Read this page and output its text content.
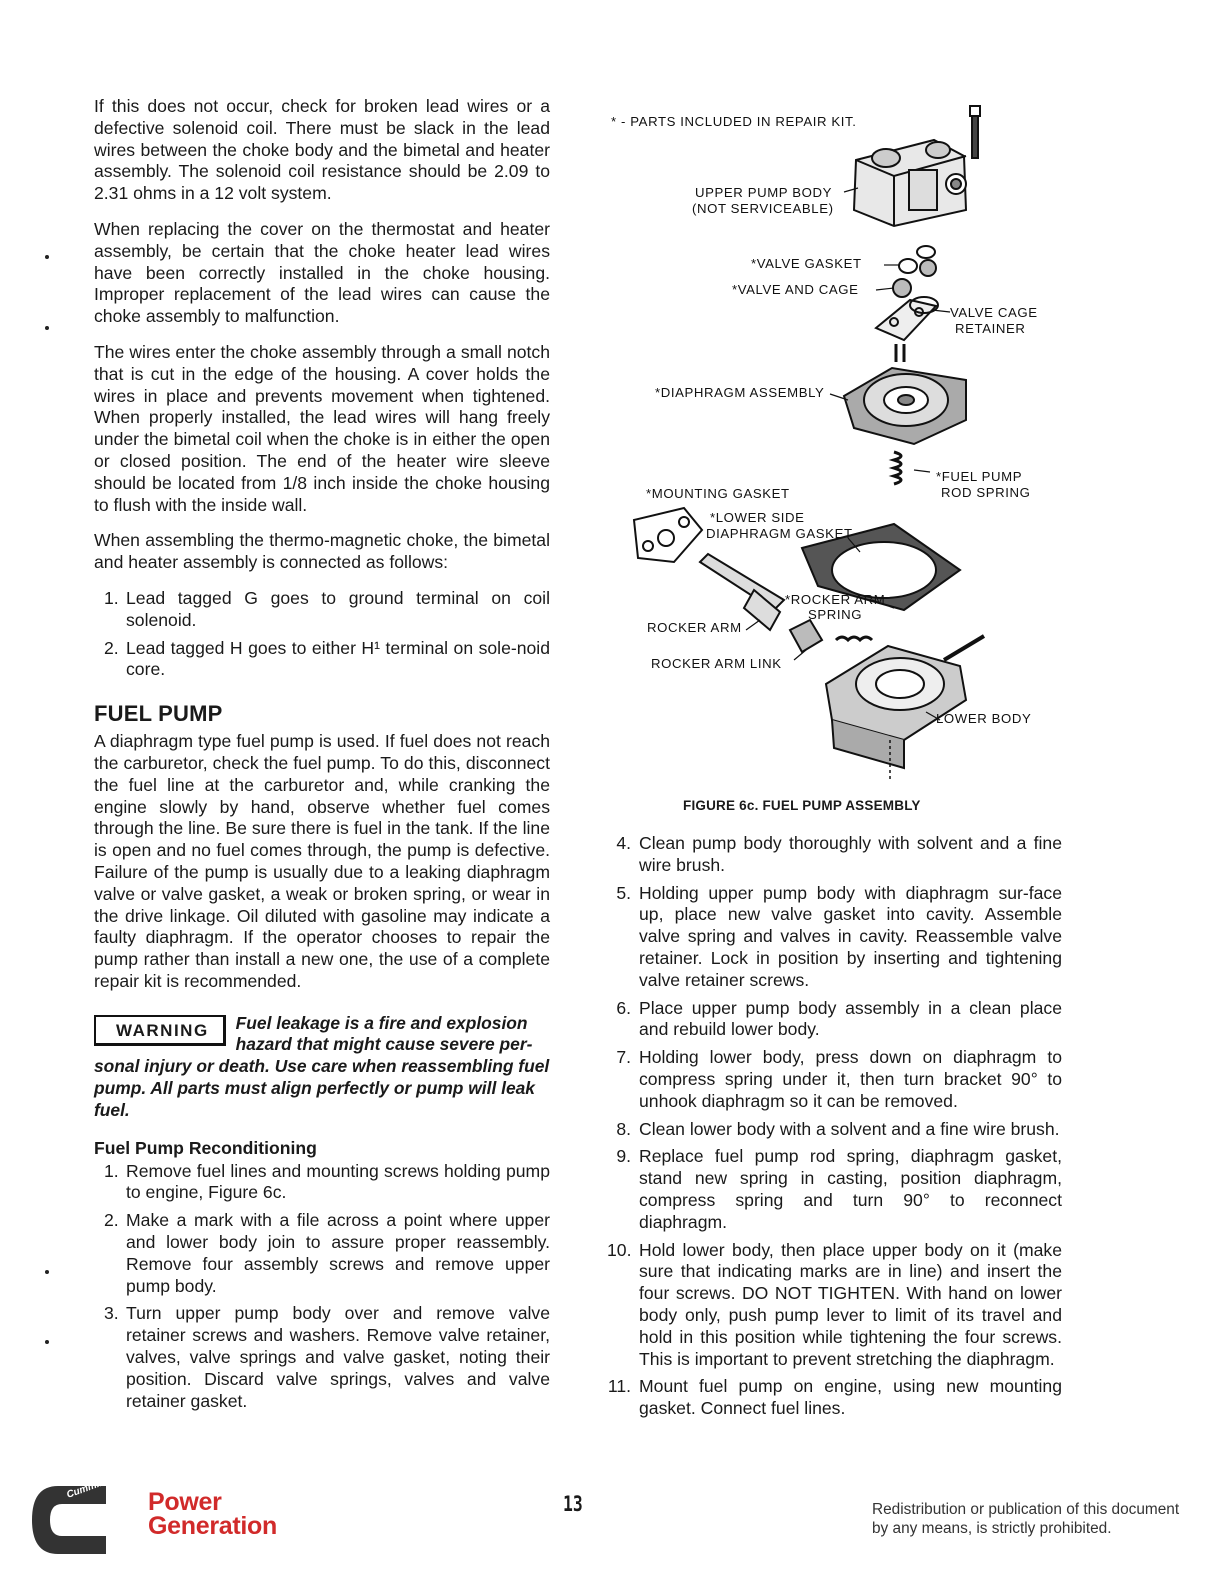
If this does not occur, check for broken lead wires or a defective solenoid coil. There must be slack in the lead wires between the choke body and the bimetal and heater assembly. The solenoid coil resistance should be 2.09 to 2.31 ohms in a 12 volt system.

When replacing the cover on the thermostat and heater assembly, be certain that the choke heater lead wires have been correctly installed in the choke housing. Improper replacement of the lead wires can cause the choke assembly to malfunction.

The wires enter the choke assembly through a small notch that is cut in the edge of the housing. A cover holds the wires in place and prevents movement when tightened. When properly installed, the lead wires will hang freely under the bimetal coil when the choke is in either the open or closed position. The end of the heater wire sleeve should be located from 1/8 inch inside the choke housing to flush with the inside wall.

When assembling the thermo-magnetic choke, the bimetal and heater assembly is connected as follows:

1. Lead tagged G goes to ground terminal on coil solenoid.
2. Lead tagged H goes to either H¹ terminal on sole-noid core.
FUEL PUMP

A diaphragm type fuel pump is used. If fuel does not reach the carburetor, check the fuel pump. To do this, disconnect the fuel line at the carburetor and, while cranking the engine slowly by hand, observe whether fuel comes through the line. Be sure there is fuel in the tank. If the line is open and no fuel comes through, the pump is defective. Failure of the pump is usually due to a leaking diaphragm valve or valve gasket, a weak or broken spring, or wear in the drive linkage. Oil diluted with gasoline may indicate a faulty diaphragm. If the operator chooses to repair the pump rather than install a new one, the use of a complete repair kit is recommended.

WARNING	Fuel leakage is a fire and explosion hazard that might cause severe per-sonal injury or death. Use care when reassembling fuel pump. All parts must align perfectly or pump will leak fuel.
Fuel Pump Reconditioning
1. Remove fuel lines and mounting screws holding pump to engine, Figure 6c.
2. Make a mark with a file across a point where upper and lower body join to assure proper reassembly. Remove four assembly screws and remove upper pump body.
3. Turn upper pump body over and remove valve retainer screws and washers. Remove valve retainer, valves, valve springs and valve gasket, noting their position. Discard valve springs, valves and valve retainer gasket.
* - PARTS INCLUDED IN REPAIR KIT.
UPPER PUMP BODY
(NOT SERVICEABLE)
*VALVE GASKET
*VALVE AND CAGE
VALVE CAGE
RETAINER
*DIAPHRAGM ASSEMBLY
*FUEL PUMP
ROD SPRING
*MOUNTING GASKET
*LOWER SIDE
DIAPHRAGM GASKET
*ROCKER ARM
SPRING
ROCKER ARM
ROCKER ARM LINK
LOWER BODY
FIGURE 6c. FUEL PUMP ASSEMBLY
4. Clean pump body thoroughly with solvent and a fine wire brush.
5. Holding upper pump body with diaphragm sur-face up, place new valve gasket into cavity. Assemble valve spring and valves in cavity. Reassemble valve retainer. Lock in position by inserting and tightening valve retainer screws.
6. Place upper pump body assembly in a clean place and rebuild lower body.
7. Holding lower body, press down on diaphragm to compress spring under it, then turn bracket 90° to unhook diaphragm so it can be removed.
8. Clean lower body with a solvent and a fine wire brush.
9. Replace fuel pump rod spring, diaphragm gasket, stand new spring in casting, position diaphragm, compress spring and turn 90° to reconnect diaphragm.
10. Hold lower body, then place upper body on it (make sure that indicating marks are in line) and insert the four screws. DO NOT TIGHTEN. With hand on lower body only, push pump lever to limit of its travel and hold in this position while tightening the four screws. This is important to prevent stretching the diaphragm.
11. Mount fuel pump on engine, using new mounting gasket. Connect fuel lines.
Cummins
Power
Generation
13	Redistribution or publication of this document
by any means, is strictly prohibited.
